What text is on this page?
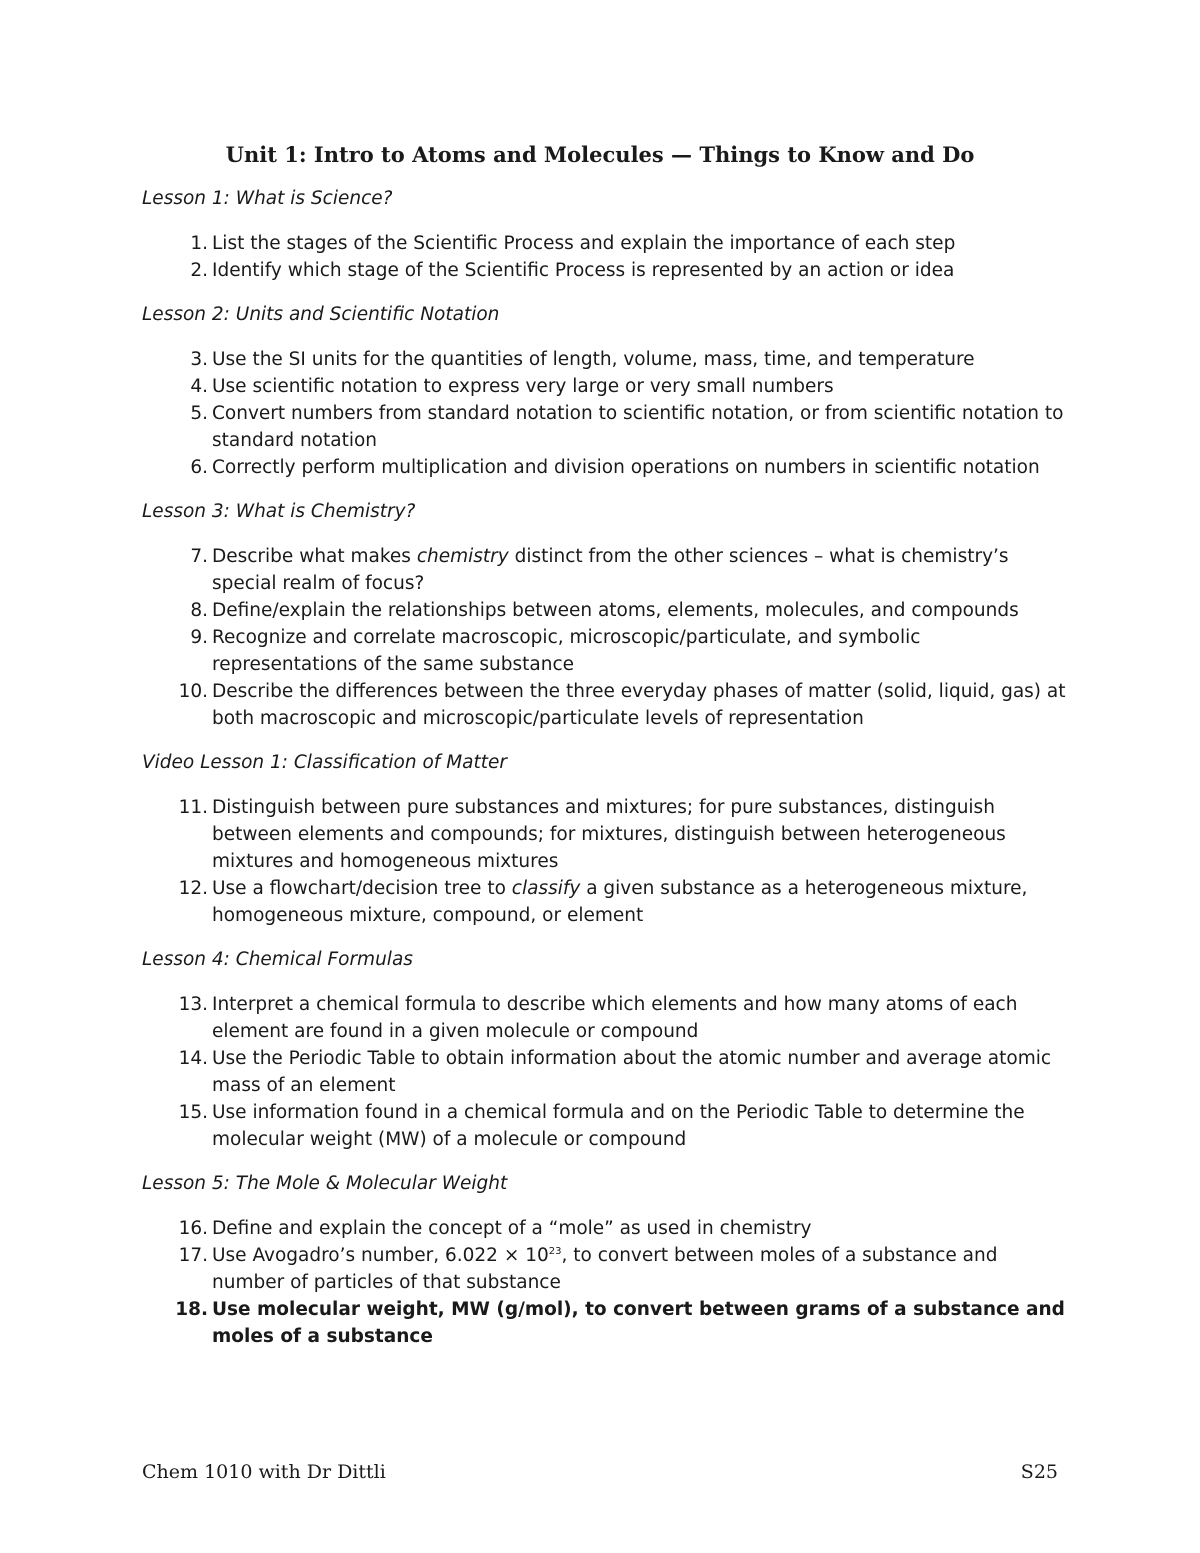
Unit 1: Intro to Atoms and Molecules — Things to Know and Do
Lesson 1: What is Science?
1. List the stages of the Scientific Process and explain the importance of each step
2. Identify which stage of the Scientific Process is represented by an action or idea
Lesson 2: Units and Scientific Notation
3. Use the SI units for the quantities of length, volume, mass, time, and temperature
4. Use scientific notation to express very large or very small numbers
5. Convert numbers from standard notation to scientific notation, or from scientific notation to standard notation
6. Correctly perform multiplication and division operations on numbers in scientific notation
Lesson 3: What is Chemistry?
7. Describe what makes chemistry distinct from the other sciences – what is chemistry’s special realm of focus?
8. Define/explain the relationships between atoms, elements, molecules, and compounds
9. Recognize and correlate macroscopic, microscopic/particulate, and symbolic representations of the same substance
10. Describe the differences between the three everyday phases of matter (solid, liquid, gas) at both macroscopic and microscopic/particulate levels of representation
Video Lesson 1: Classification of Matter
11. Distinguish between pure substances and mixtures; for pure substances, distinguish between elements and compounds; for mixtures, distinguish between heterogeneous mixtures and homogeneous mixtures
12. Use a flowchart/decision tree to classify a given substance as a heterogeneous mixture, homogeneous mixture, compound, or element
Lesson 4: Chemical Formulas
13. Interpret a chemical formula to describe which elements and how many atoms of each element are found in a given molecule or compound
14. Use the Periodic Table to obtain information about the atomic number and average atomic mass of an element
15. Use information found in a chemical formula and on the Periodic Table to determine the molecular weight (MW) of a molecule or compound
Lesson 5: The Mole & Molecular Weight
16. Define and explain the concept of a “mole” as used in chemistry
17. Use Avogadro’s number, $6.022 \times 10^{23}$, to convert between moles of a substance and number of particles of that substance
18. Use molecular weight, MW (g/mol), to convert between grams of a substance and moles of a substance
Chem 1010 with Dr Dittli	S25
